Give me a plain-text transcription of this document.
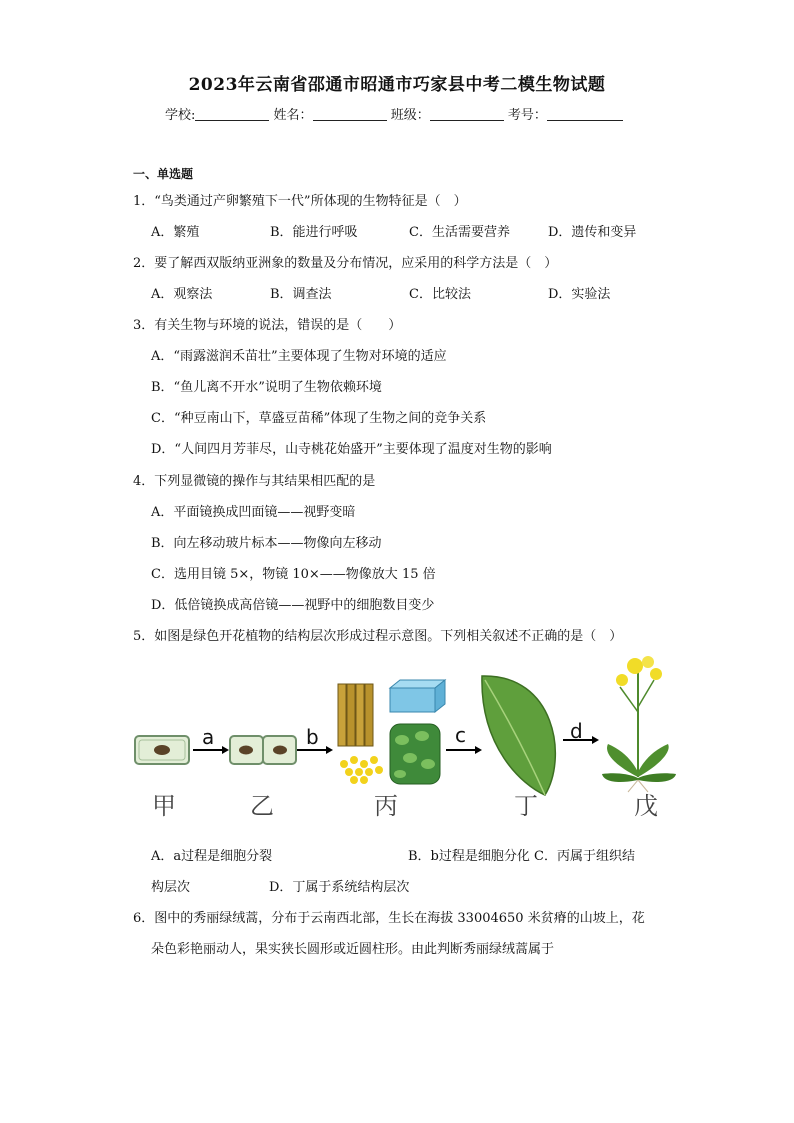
2023年云南省邵通市昭通市巧家县中考二模生物试题
学校:	姓名：	班级：	考号：
一、单选题
1．“鸟类通过产卵繁殖下一代”所体现的生物特征是（　）
A．繁殖	B．能进行呼吸	C．生活需要营养	D．遗传和变异
2．要了解西双版纳亚洲象的数量及分布情况，应采用的科学方法是（　）
A．观察法	B．调查法	C．比较法	D．实验法
3．有关生物与环境的说法，错误的是（　　）
A．“雨露滋润禾苗壮”主要体现了生物对环境的适应
B．“鱼儿离不开水”说明了生物依赖环境
C．“种豆南山下，草盛豆苗稀”体现了生物之间的竞争关系
D．“人间四月芳菲尽，山寺桃花始盛开”主要体现了温度对生物的影响
4．下列显微镜的操作与其结果相匹配的是
A．平面镜换成凹面镜——视野变暗
B．向左移动玻片标本——物像向左移动
C．选用目镜 5×，物镜 10×——物像放大 15 倍
D．低倍镜换成高倍镜——视野中的细胞数目变少
5．如图是绿色开花植物的结构层次形成过程示意图。下列相关叙述不正确的是（　）
a	b	c	d
甲	乙	丙	丁	戊
A．a过程是细胞分裂	B．b过程是细胞分化 C．丙属于组织结
构层次	D．丁属于系统结构层次
6．图中的秀丽绿绒蒿，分布于云南西北部，生长在海拔 33004650 米贫瘠的山坡上，花
朵色彩艳丽动人，果实狭长圆形或近圆柱形。由此判断秀丽绿绒蒿属于
